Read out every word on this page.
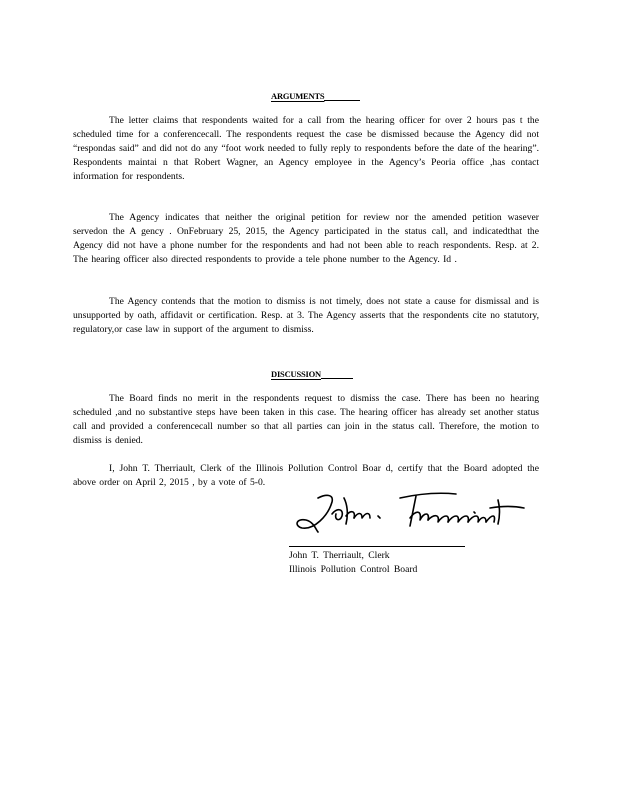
ARGUMENTS

The letter claims that respondents waited for a call from the hearing officer for over 2 hours pas t the scheduled time for a conferencecall. The respondents request the case be dismissed because the Agency did not “respondas said” and did not do any “foot work needed to fully reply to respondents before the date of the hearing”. Respondents maintai n that Robert Wagner, an Agency employee in the Agency’s Peoria office ,has contact information for respondents.

The Agency indicates that neither the original petition for review nor the amended petition wasever servedon the A gency . OnFebruary 25, 2015, the Agency participated in the status call, and indicatedthat the Agency did not have a phone number for the respondents and had not been able to reach respondents. Resp. at 2. The hearing officer also directed respondents to provide a tele phone number to the Agency. Id .

The Agency contends that the motion to dismiss is not timely, does not state a cause for dismissal and is unsupported by oath, affidavit or certification. Resp. at 3. The Agency asserts that the respondents cite no statutory, regulatory,or case law in support of the argument to dismiss.

DISCUSSION

The Board finds no merit in the respondents request to dismiss the case. There has been no hearing scheduled ,and no substantive steps have been taken in this case. The hearing officer has already set another status call and provided a conferencecall number so that all parties can join in the status call. Therefore, the motion to dismiss is denied.

I, John T. Therriault, Clerk of the Illinois Pollution Control Boar d, certify that the Board adopted the above order on April 2, 2015 , by a vote of 5-0.

John T. Therriault, Clerk
Illinois Pollution Control Board
